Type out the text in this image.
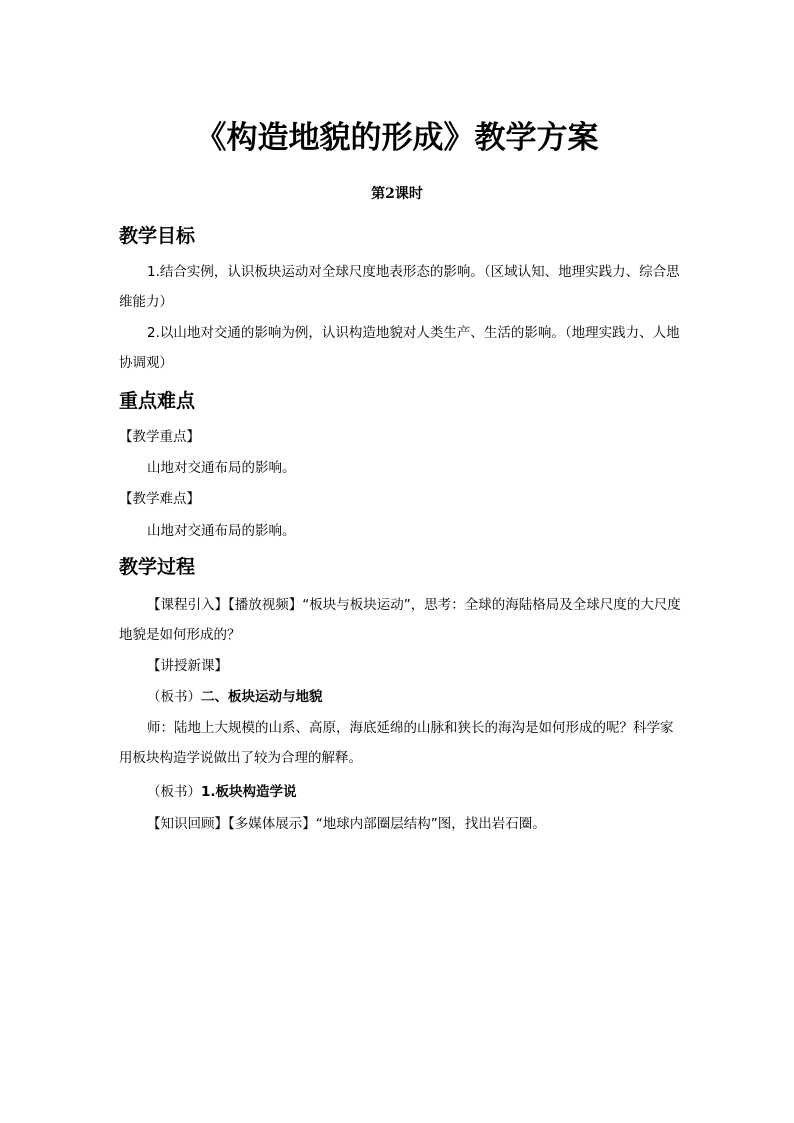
《构造地貌的形成》教学方案
第2课时
教学目标
1.结合实例，认识板块运动对全球尺度地表形态的影响。（区域认知、地理实践力、综合思维能力）
2.以山地对交通的影响为例，认识构造地貌对人类生产、生活的影响。（地理实践力、人地协调观）
重点难点
【教学重点】
山地对交通布局的影响。
【教学难点】
山地对交通布局的影响。
教学过程
【课程引入】【播放视频】“板块与板块运动”，思考：全球的海陆格局及全球尺度的大尺度地貌是如何形成的？
【讲授新课】
（板书）二、板块运动与地貌
师：陆地上大规模的山系、高原，海底延绵的山脉和狭长的海沟是如何形成的呢？科学家用板块构造学说做出了较为合理的解释。
（板书）1.板块构造学说
【知识回顾】【多媒体展示】“地球内部圈层结构”图，找出岩石圈。
